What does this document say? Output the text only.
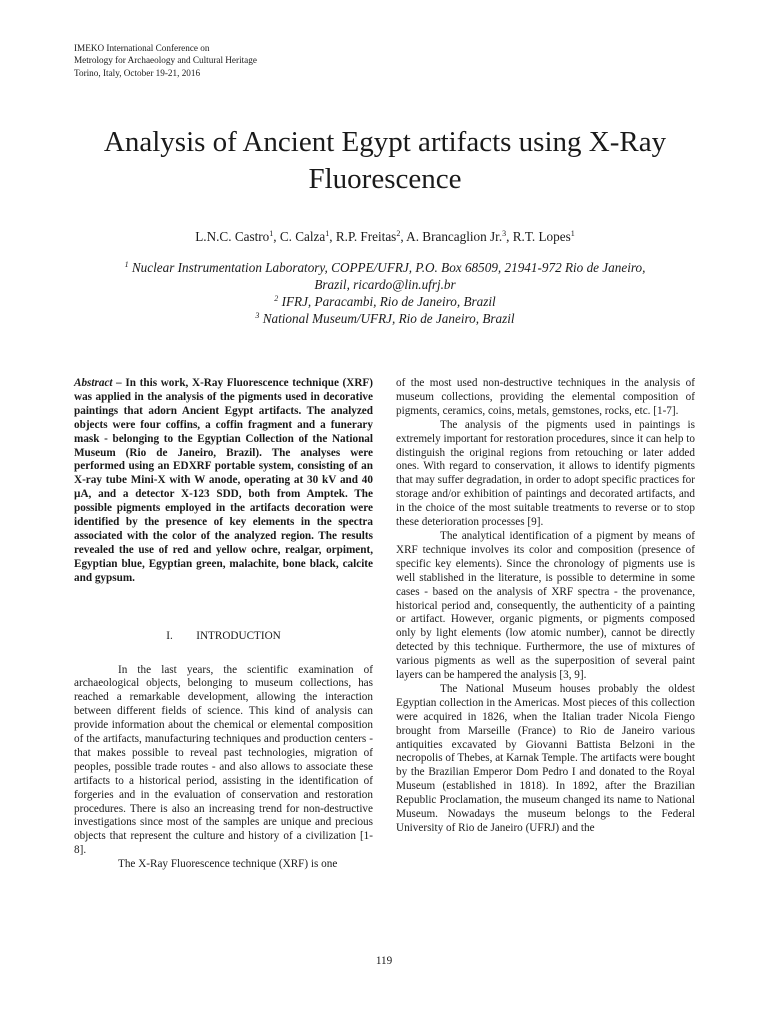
IMEKO International Conference on
Metrology for Archaeology and Cultural Heritage
Torino, Italy, October 19-21, 2016
Analysis of Ancient Egypt artifacts using X-Ray
Fluorescence
L.N.C. Castro$^1$, C. Calza$^1$, R.P. Freitas$^2$, A. Brancaglion Jr.$^3$, R.T. Lopes$^1$
$^1$ Nuclear Instrumentation Laboratory, COPPE/UFRJ, P.O. Box 68509, 21941-972 Rio de Janeiro,
Brazil, ricardo@lin.ufrj.br
$^2$ IFRJ, Paracambi, Rio de Janeiro, Brazil
$^3$ National Museum/UFRJ, Rio de Janeiro, Brazil

Abstract – In this work, X-Ray Fluorescence technique (XRF) was applied in the analysis of the pigments used in decorative paintings that adorn Ancient Egypt artifacts. The analyzed objects were four coffins, a coffin fragment and a funerary mask - belonging to the Egyptian Collection of the National Museum (Rio de Janeiro, Brazil). The analyses were performed using an EDXRF portable system, consisting of an X-ray tube Mini-X with W anode, operating at 30 kV and 40 µA, and a detector X-123 SDD, both from Amptek. The possible pigments employed in the artifacts decoration were identified by the presence of key elements in the spectra associated with the color of the analyzed region. The results revealed the use of red and yellow ochre, realgar, orpiment, Egyptian blue, Egyptian green, malachite, bone black, calcite and gypsum.

I. INTRODUCTION

In the last years, the scientific examination of archaeological objects, belonging to museum collections, has reached a remarkable development, allowing the interaction between different fields of science. This kind of analysis can provide information about the chemical or elemental composition of the artifacts, manufacturing techniques and production centers - that makes possible to reveal past technologies, migration of peoples, possible trade routes - and also allows to associate these artifacts to a historical period, assisting in the identification of forgeries and in the evaluation of conservation and restoration procedures. There is also an increasing trend for non-destructive investigations since most of the samples are unique and precious objects that represent the culture and history of a civilization [1-8].

The X-Ray Fluorescence technique (XRF) is one

of the most used non-destructive techniques in the analysis of museum collections, providing the elemental composition of pigments, ceramics, coins, metals, gemstones, rocks, etc. [1-7].

The analysis of the pigments used in paintings is extremely important for restoration procedures, since it can help to distinguish the original regions from retouching or later added ones. With regard to conservation, it allows to identify pigments that may suffer degradation, in order to adopt specific practices for storage and/or exhibition of paintings and decorated artifacts, and in the choice of the most suitable treatments to reverse or to stop these deterioration processes [9].

The analytical identification of a pigment by means of XRF technique involves its color and composition (presence of specific key elements). Since the chronology of pigments use is well stablished in the literature, is possible to determine in some cases - based on the analysis of XRF spectra - the provenance, historical period and, consequently, the authenticity of a painting or artifact. However, organic pigments, or pigments composed only by light elements (low atomic number), cannot be directly detected by this technique. Furthermore, the use of mixtures of various pigments as well as the superposition of several paint layers can be hampered the analysis [3, 9].

The National Museum houses probably the oldest Egyptian collection in the Americas. Most pieces of this collection were acquired in 1826, when the Italian trader Nicola Fiengo brought from Marseille (France) to Rio de Janeiro various antiquities excavated by Giovanni Battista Belzoni in the necropolis of Thebes, at Karnak Temple. The artifacts were bought by the Brazilian Emperor Dom Pedro I and donated to the Royal Museum (established in 1818). In 1892, after the Brazilian Republic Proclamation, the museum changed its name to National Museum. Nowadays the museum belongs to the Federal University of Rio de Janeiro (UFRJ) and the

119
